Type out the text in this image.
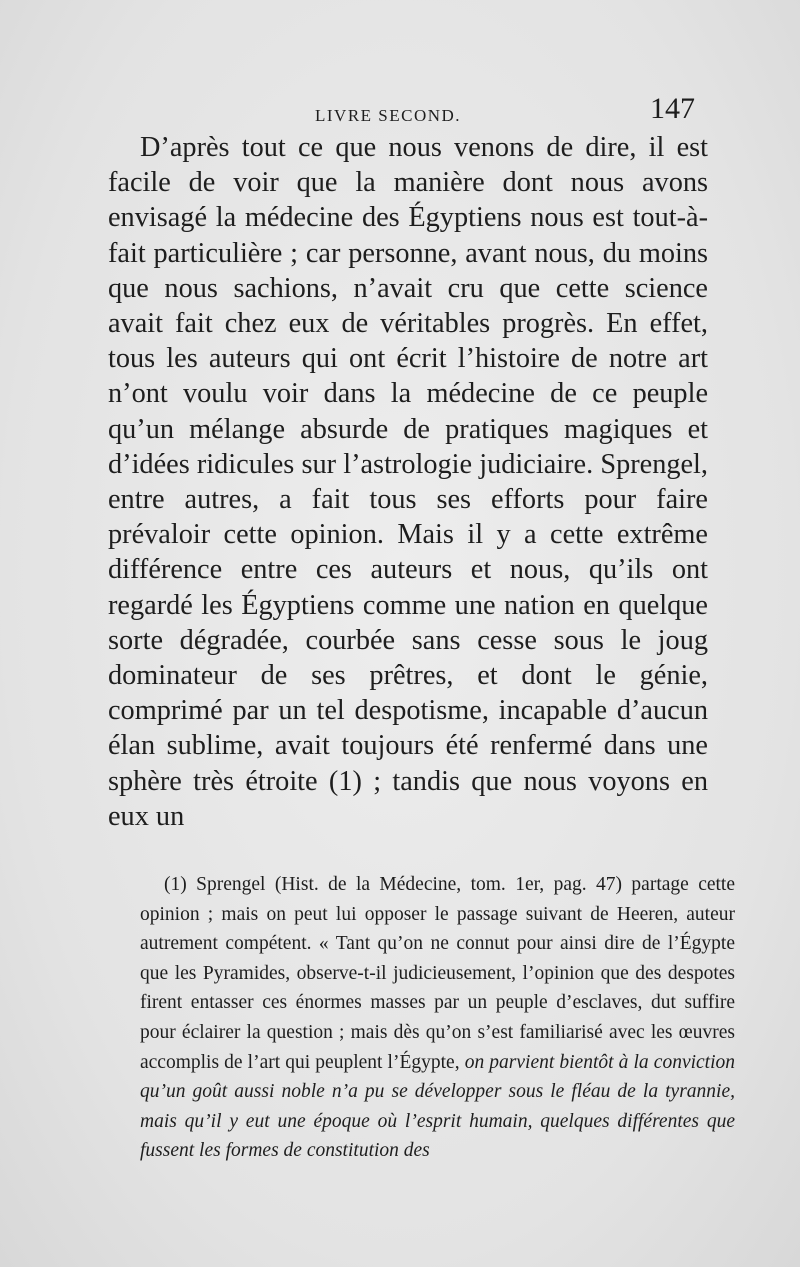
LIVRE SECOND.	147

D’après tout ce que nous venons de dire, il est facile de voir que la manière dont nous avons envisagé la médecine des Égyptiens nous est tout-à-fait particulière ; car personne, avant nous, du moins que nous sachions, n’avait cru que cette science avait fait chez eux de véritables progrès. En effet, tous les auteurs qui ont écrit l’histoire de notre art n’ont voulu voir dans la médecine de ce peuple qu’un mélange absurde de pratiques magiques et d’idées ridicules sur l’astrologie judiciaire. Sprengel, entre autres, a fait tous ses efforts pour faire prévaloir cette opinion. Mais il y a cette extrême différence entre ces auteurs et nous, qu’ils ont regardé les Égyptiens comme une nation en quelque sorte dégradée, courbée sans cesse sous le joug dominateur de ses prêtres, et dont le génie, comprimé par un tel despotisme, incapable d’aucun élan sublime, avait toujours été renfermé dans une sphère très étroite (1) ; tandis que nous voyons en eux un

(1) Sprengel (Hist. de la Médecine, tom. 1er, pag. 47) partage cette opinion ; mais on peut lui opposer le passage suivant de Heeren, auteur autrement compétent. « Tant qu’on ne connut pour ainsi dire de l’Égypte que les Pyramides, observe-t-il judicieusement, l’opinion que des despotes firent entasser ces énormes masses par un peuple d’esclaves, dut suffire pour éclairer la question ; mais dès qu’on s’est familiarisé avec les œuvres accomplis de l’art qui peuplent l’Égypte, on parvient bientôt à la conviction qu’un goût aussi noble n’a pu se développer sous le fléau de la tyrannie, mais qu’il y eut une époque où l’esprit humain, quelques différentes que fussent les formes de constitution des
